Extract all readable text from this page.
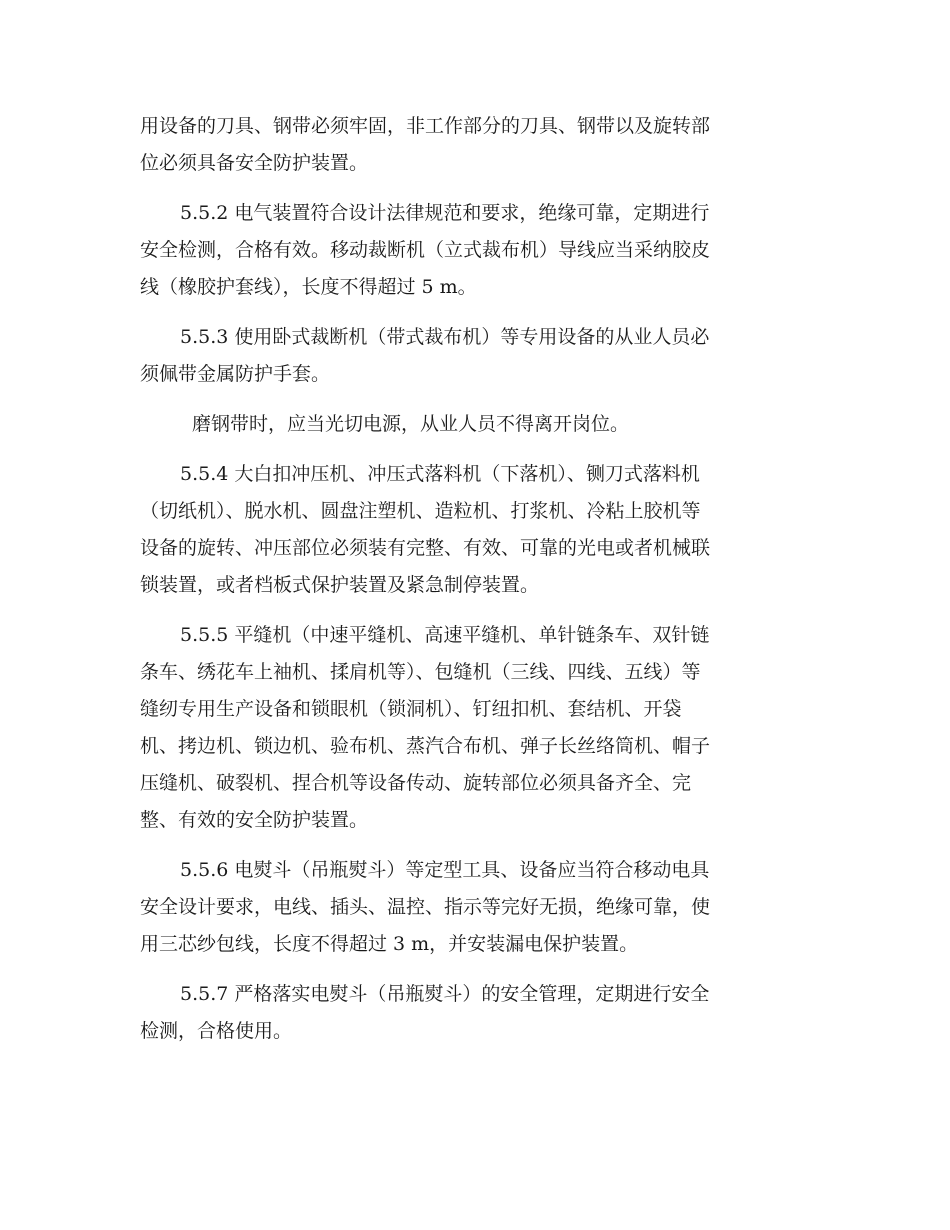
用设备的刀具、钢带必须牢固，非工作部分的刀具、钢带以及旋转部
位必须具备安全防护装置。

5.5.2 电气装置符合设计法律规范和要求，绝缘可靠，定期进行
安全检测，合格有效。移动裁断机（立式裁布机）导线应当采纳胶皮
线（橡胶护套线），长度不得超过 5 m。

5.5.3 使用卧式裁断机（带式裁布机）等专用设备的从业人员必
须佩带金属防护手套。

磨钢带时，应当光切电源，从业人员不得离开岗位。

5.5.4 大白扣冲压机、冲压式落料机（下落机）、铡刀式落料机
（切纸机）、脱水机、圆盘注塑机、造粒机、打浆机、冷粘上胶机等
设备的旋转、冲压部位必须装有完整、有效、可靠的光电或者机械联
锁装置，或者档板式保护装置及紧急制停装置。

5.5.5 平缝机（中速平缝机、高速平缝机、单针链条车、双针链
条车、绣花车上袖机、揉肩机等）、包缝机（三线、四线、五线）等
缝纫专用生产设备和锁眼机（锁洞机）、钉纽扣机、套结机、开袋
机、拷边机、锁边机、验布机、蒸汽合布机、弹子长丝络筒机、帽子
压缝机、破裂机、捏合机等设备传动、旋转部位必须具备齐全、完
整、有效的安全防护装置。

5.5.6 电熨斗（吊瓶熨斗）等定型工具、设备应当符合移动电具
安全设计要求，电线、插头、温控、指示等完好无损，绝缘可靠，使
用三芯纱包线，长度不得超过 3 m，并安装漏电保护装置。

5.5.7 严格落实电熨斗（吊瓶熨斗）的安全管理，定期进行安全
检测，合格使用。
